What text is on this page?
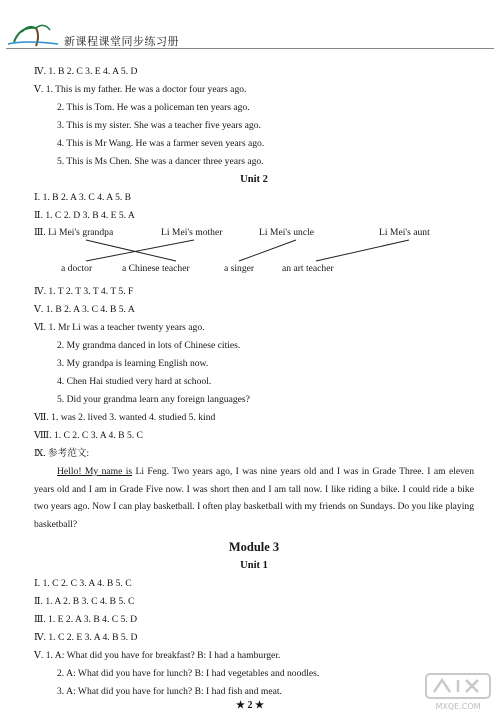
新课程课堂同步练习册
Ⅳ. 1. B 2. C 3. E 4. A 5. D
Ⅴ. 1. This is my father. He was a doctor four years ago.
2. This is Tom. He was a policeman ten years ago.
3. This is my sister. She was a teacher five years ago.
4. This is Mr Wang. He was a farmer seven years ago.
5. This is Ms Chen. She was a dancer three years ago.
Unit 2
Ⅰ. 1. B 2. A 3. C 4. A 5. B
Ⅱ. 1. C 2. D 3. B 4. E 5. A
Ⅲ. Li Mei's grandpa	Li Mei's mother	Li Mei's uncle	Li Mei's aunt
a doctor	a Chinese teacher	a singer	an art teacher
Ⅳ. 1. T 2. T 3. T 4. T 5. F
Ⅴ. 1. B 2. A 3. C 4. B 5. A
Ⅵ. 1. Mr Li was a teacher twenty years ago.
2. My grandma danced in lots of Chinese cities.
3. My grandpa is learning English now.
4. Chen Hai studied very hard at school.
5. Did your grandma learn any foreign languages?
Ⅶ. 1. was 2. lived 3. wanted 4. studied 5. kind
Ⅷ. 1. C 2. C 3. A 4. B 5. C
Ⅸ. 参考范文:
Hello! My name is Li Feng. Two years ago, I was nine years old and I was in Grade Three. I am eleven years old and I am in Grade Five now. I was short then and I am tall now. I like riding a bike. I could ride a bike two years ago. Now I can play basketball. I often play basketball with my friends on Sundays. Do you like playing basketball?
Module 3
Unit 1
Ⅰ. 1. C 2. C 3. A 4. B 5. C
Ⅱ. 1. A 2. B 3. C 4. B 5. C
Ⅲ. 1. E 2. A 3. B 4. C 5. D
Ⅳ. 1. C 2. E 3. A 4. B 5. D
Ⅴ. 1. A: What did you have for breakfast? B: I had a hamburger.
2. A: What did you have for lunch? B: I had vegetables and noodles.
3. A: What did you have for lunch? B: I had fish and meat.
★ 2 ★	MXQE.COM
